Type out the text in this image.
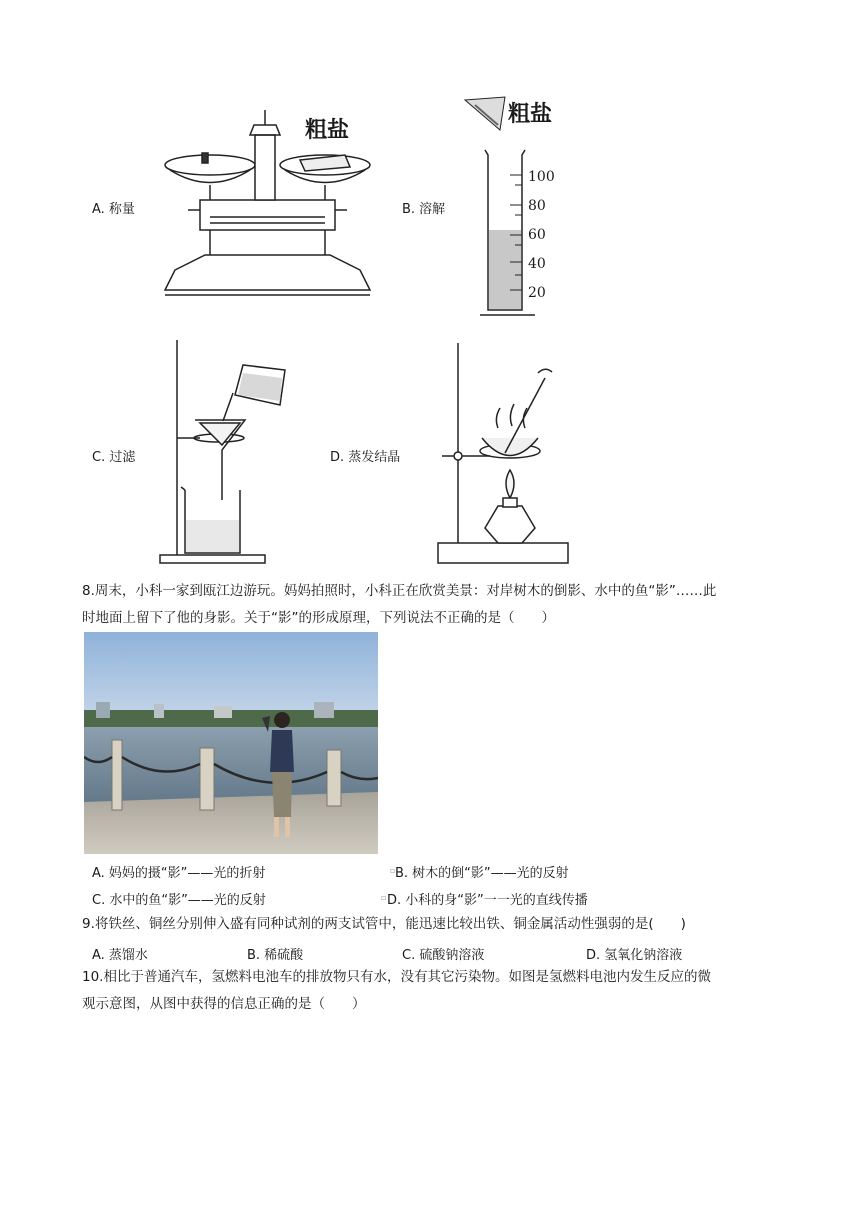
A. 称量
粗盐
B. 溶解
粗盐
100
80
60
40
20
C. 过滤	D. 蒸发结晶
8.周末，小科一家到瓯江边游玩。妈妈拍照时，小科正在欣赏美景：对岸树木的倒影、水中的鱼“影”……此
时地面上留下了他的身影。关于“影”的形成原理，下列说法不正确的是（　　）
A. 妈妈的摄“影”——光的折射	▫ B. 树木的倒“影”——光的反射
C. 水中的鱼“影”——光的反射	▫ D. 小科的身“影”一一光的直线传播
9.将铁丝、铜丝分别伸入盛有同种试剂的两支试管中，能迅速比较出铁、铜金属活动性强弱的是(　　)
A. 蒸馏水	B. 稀硫酸	C. 硫酸钠溶液	D. 氢氧化钠溶液
10.相比于普通汽车，氢燃料电池车的排放物只有水，没有其它污染物。如图是氢燃料电池内发生反应的微
观示意图，从图中获得的信息正确的是（　　）
